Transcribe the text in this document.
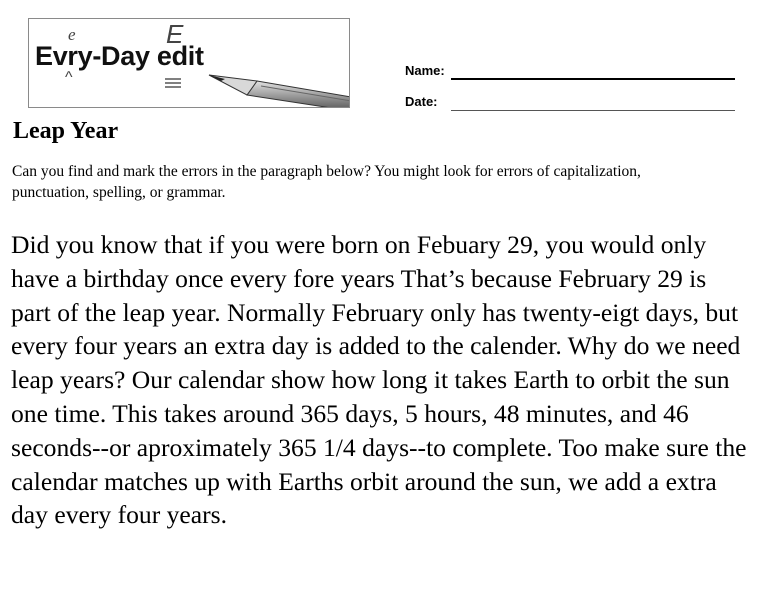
e
^
E
Evry-Day edit	Name:
Date:
Leap Year

Can you find and mark the errors in the paragraph below? You might look for errors of capitalization, punctuation, spelling, or grammar.

Did you know that if you were born on Febuary 29, you would only have a birthday once every fore years That’s because February 29 is part of the leap year. Normally February only has twenty-eigt days, but every four years an extra day is added to the calender. Why do we need leap years? Our calendar show how long it takes Earth to orbit the sun one time. This takes around 365 days, 5 hours, 48 minutes, and 46 seconds--or aproximately 365 1/4 days--to complete. Too make sure the calendar matches up with Earths orbit around the sun, we add a extra day every four years.
